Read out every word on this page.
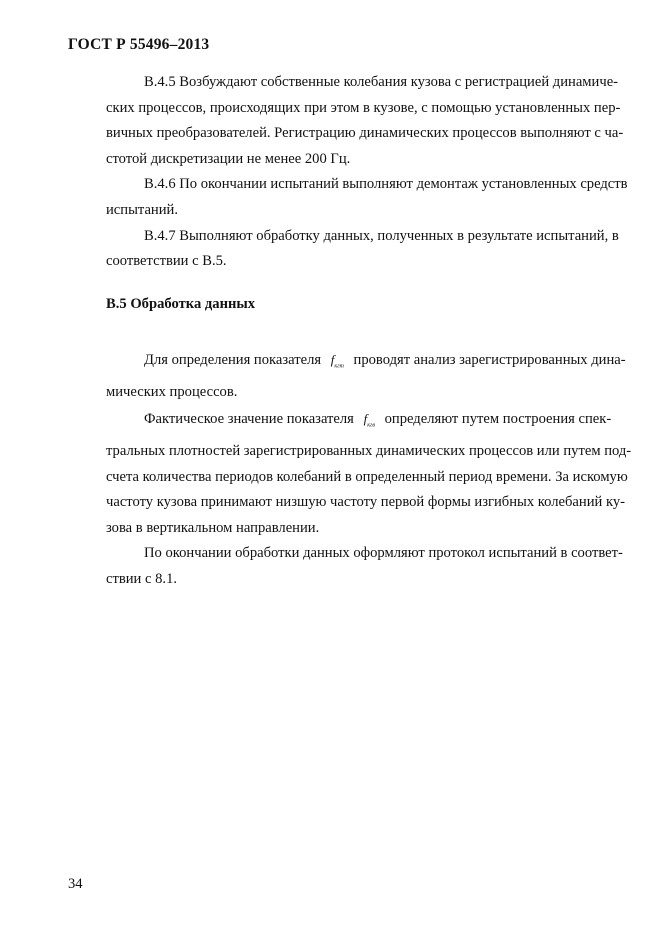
ГОСТ Р 55496–2013
В.4.5 Возбуждают собственные колебания кузова с регистрацией динамиче-
ских процессов, происходящих при этом в кузове, с помощью установленных пер-
вичных преобразователей. Регистрацию динамических процессов выполняют с ча-
стотой дискретизации не менее 200 Гц.
В.4.6 По окончании испытаний выполняют демонтаж установленных средств
испытаний.
В.4.7 Выполняют обработку данных, полученных в результате испытаний, в
соответствии с В.5.
В.5 Обработка данных
Для определения показателя $f_{кгт}$ проводят анализ зарегистрированных дина-
мических процессов.
Фактическое значение показателя $f_{кгв}$ определяют путем построения спек-
тральных плотностей зарегистрированных динамических процессов или путем под-
счета количества периодов колебаний в определенный период времени. За искомую
частоту кузова принимают низшую частоту первой формы изгибных колебаний ку-
зова в вертикальном направлении.
По окончании обработки данных оформляют протокол испытаний в соответ-
ствии с 8.1.
34
